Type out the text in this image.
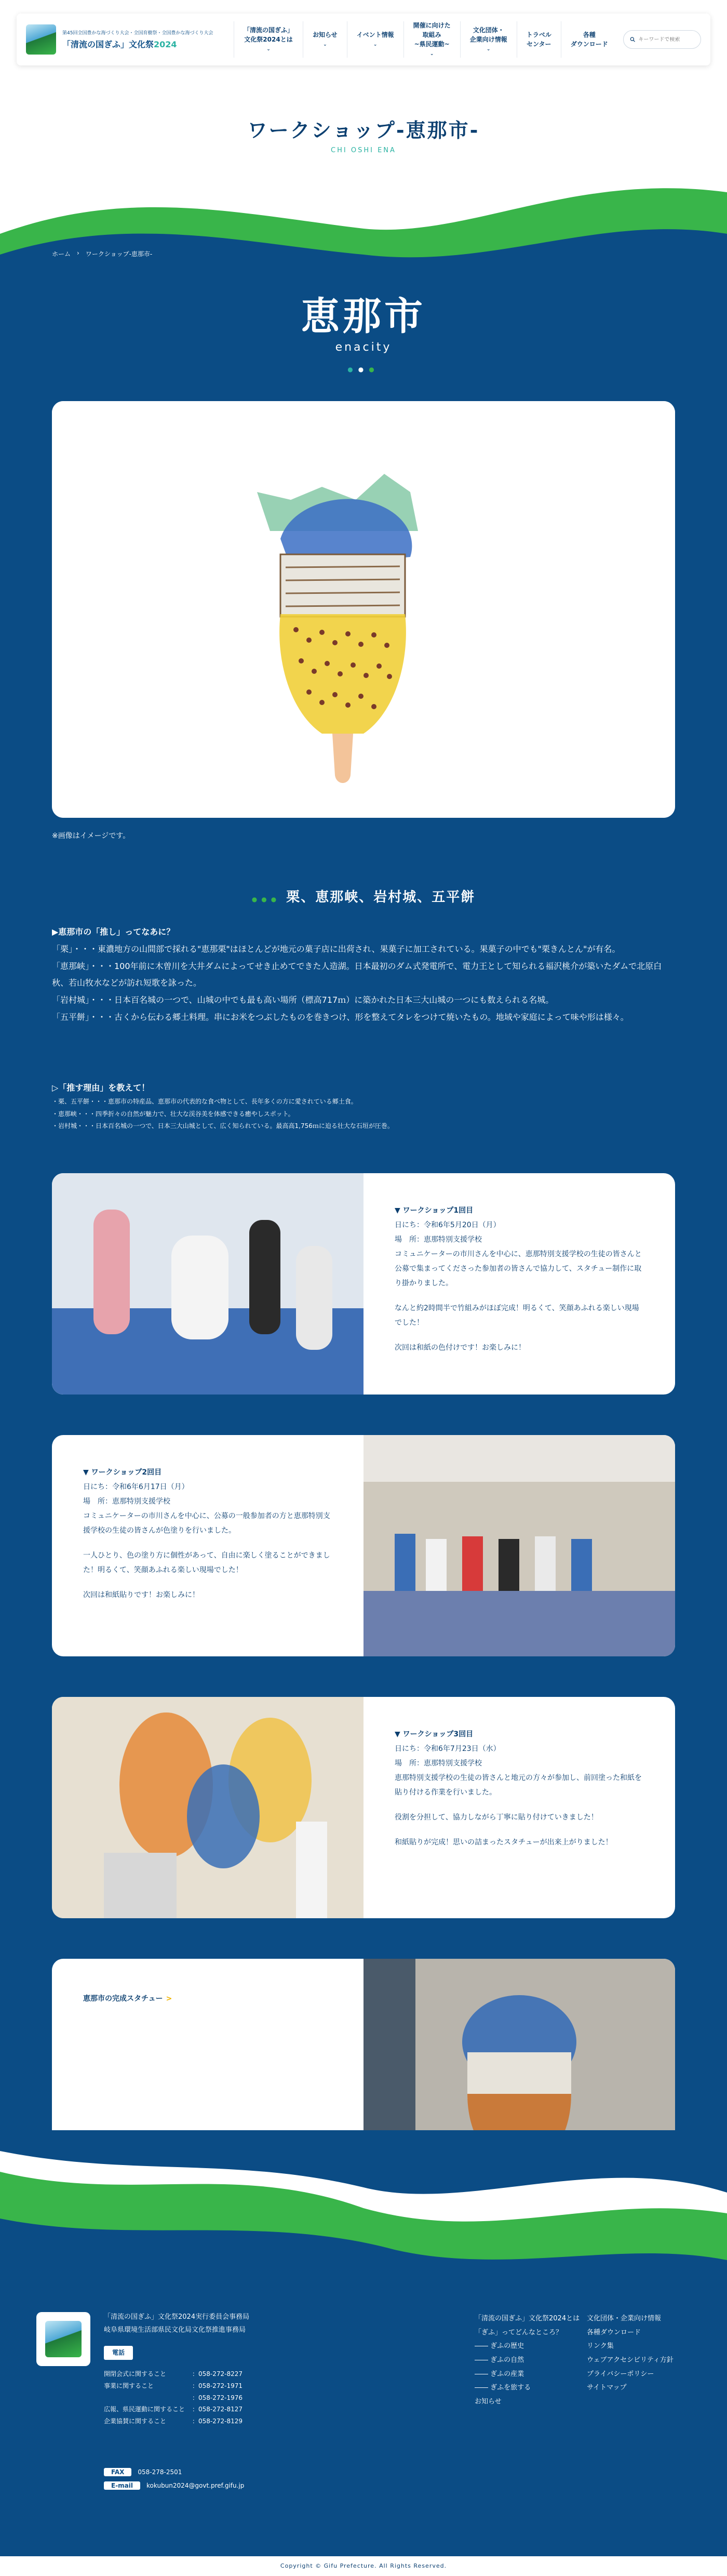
ワークショップ-恵那市-
CHI OSHI ENA
第45回全国豊かな海づくり大会・全国育樹祭・全国豊かな海づくり大会
「清流の国ぎふ」文化祭2024
「清流の国ぎふ」
文化祭2024とは
⌄
お知らせ
⌄
イベント情報
⌄
開催に向けた
取組み
~県民運動~
⌄
文化団体・
企業向け情報
⌄
トラベル
センター
各種
ダウンロード
キーワードで検索
ホーム › ワークショップ-恵那市-
恵那市
enacity
●●●
※画像はイメージです。
●●● 栗、恵那峡、岩村城、五平餅
▶恵那市の「推し」ってなあに？
「栗」・・・東濃地方の山間部で採れる"恵那栗"はほとんどが地元の菓子店に出荷され、果菓子に加工されている。果菓子の中でも"栗きんとん"が有名。
「恵那峡」・・・100年前に木曽川を大井ダムによってせき止めてできた人造湖。日本最初のダム式発電所で、電力王として知られる福沢桃介が築いたダムで北原白秋、若山牧水などが訪れ短歌を詠った。
「岩村城」・・・日本百名城の一つで、山城の中でも最も高い場所（標高717ｍ）に築かれた日本三大山城の一つにも数えられる名城。
「五平餅」・・・古くから伝わる郷土料理。串にお米をつぶしたものを巻きつけ、形を整えてタレをつけて焼いたもの。地域や家庭によって味や形は様々。
▷「推す理由」を教えて！
・栗、五平餅・・・恵那市の特産品、恵那市の代表的な食べ物として、長年多くの方に愛されている郷土食。
・恵那峡・・・四季折々の自然が魅力で、壮大な渓谷美を体感できる癒やしスポット。
・岩村城・・・日本百名城の一つで、日本三大山城として、広く知られている。最高高1,756ｍに迫る壮大な石垣が圧巻。
▼ ワークショップ1回目
日にち：令和6年5月20日（月）
場　所：恵那特別支援学校
コミュニケーターの市川さんを中心に、恵那特別支援学校の生徒の皆さんと公募で集まってくださった参加者の皆さんで協力して、スタチュー制作に取り掛かりました。

なんと約2時間半で竹組みがほぼ完成！明るくて、笑顔あふれる楽しい現場でした！

次回は和紙の色付けです！お楽しみに！

▼ ワークショップ2回目
日にち：令和6年6月17日（月）
場　所：恵那特別支援学校
コミュニケーターの市川さんを中心に、公募の一般参加者の方と恵那特別支援学校の生徒の皆さんが色塗りを行いました。

一人ひとり、色の塗り方に個性があって、自由に楽しく塗ることができました！明るくて、笑顔あふれる楽しい現場でした！

次回は和紙貼りです！お楽しみに！

▼ ワークショップ3回目
日にち：令和6年7月23日（水）
場　所：恵那特別支援学校
恵那特別支援学校の生徒の皆さんと地元の方々が参加し、前回塗った和紙を貼り付ける作業を行いました。

役割を分担して、協力しながら丁寧に貼り付けていきました！

和紙貼りが完成！思いの詰まったスタチューが出来上がりました！

恵那市の完成スタチュー >
「清流の国ぎふ」文化祭2024実行委員会事務局
岐阜県環境生活部県民文化局文化祭推進事務局
電話
開閉会式に関すること	：058-272-8227
事業に関すること	：058-272-1971
：058-272-1976
広報、県民運動に関すること	：058-272-8127
企業協賛に関すること	：058-272-8129
FAX 058-278-2501
E-mail kokubun2024@govt.pref.gifu.jp
「清流の国ぎふ」文化祭2024とは
「ぎふ」ってどんなところ？
―― ぎふの歴史
―― ぎふの自然
―― ぎふの産業
―― ぎふを旅する
お知らせ
文化団体・企業向け情報
各種ダウンロード
リンク集
ウェブアクセシビリティ方針
プライバシーポリシー
サイトマップ
Copyright © Gifu Prefecture. All Rights Reserved.
